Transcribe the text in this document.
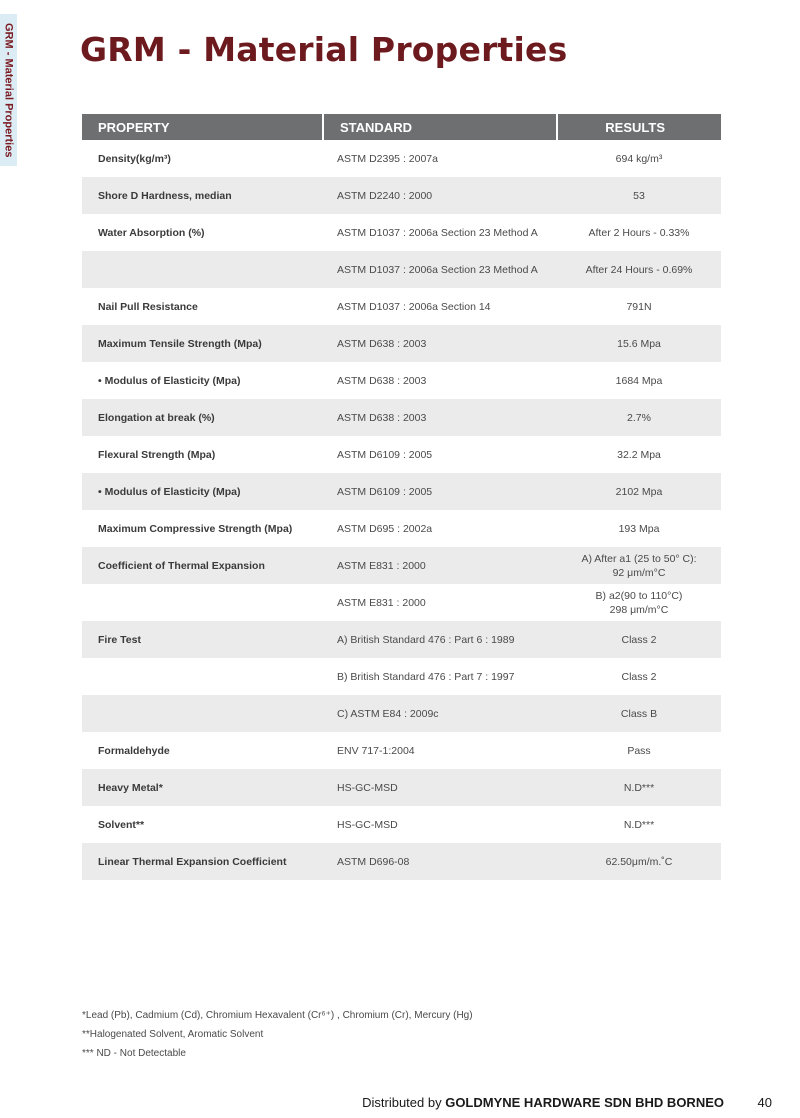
GRM - Material Properties GRM - Material Properties
PROPERTY	STANDARD	RESULTS
Density(kg/m³)	ASTM D2395 : 2007a	694 kg/m³

Shore D Hardness, median	ASTM D2240 : 2000	53

Water Absorption (%)	ASTM D1037 : 2006a Section 23 Method A	After 2 Hours - 0.33%

	ASTM D1037 : 2006a Section 23 Method A	After 24 Hours - 0.69%

Nail Pull Resistance	ASTM D1037 : 2006a Section 14	791N

Maximum Tensile Strength (Mpa)	ASTM D638 : 2003	15.6 Mpa

• Modulus of Elasticity (Mpa)	ASTM D638 : 2003	1684 Mpa

Elongation at break (%)	ASTM D638 : 2003	2.7%

Flexural Strength (Mpa)	ASTM D6109 : 2005	32.2 Mpa

• Modulus of Elasticity (Mpa)	ASTM D6109 : 2005	2102 Mpa

Maximum Compressive Strength (Mpa)	ASTM D695 : 2002a	193 Mpa

Coefficient of Thermal Expansion	ASTM E831 : 2000	A) After a1 (25 to 50° C):
92 μm/m°C

	ASTM E831 : 2000	B) a2(90 to 110°C)
298 μm/m°C

Fire Test	A) British Standard 476 : Part 6 : 1989	Class 2

	B) British Standard 476 : Part 7 : 1997	Class 2

	C) ASTM E84 : 2009c	Class B

Formaldehyde	ENV 717-1:2004	Pass

Heavy Metal*	HS-GC-MSD	N.D***

Solvent**	HS-GC-MSD	N.D***

Linear Thermal Expansion Coefficient	ASTM D696-08	62.50μm/m.˚C

*Lead (Pb), Cadmium (Cd), Chromium Hexavalent (Cr⁶⁺) , Chromium (Cr), Mercury (Hg)

**Halogenated Solvent, Aromatic Solvent

*** ND - Not Detectable

Distributed by GOLDMYNE HARDWARE SDN BHD BORNEO	40
